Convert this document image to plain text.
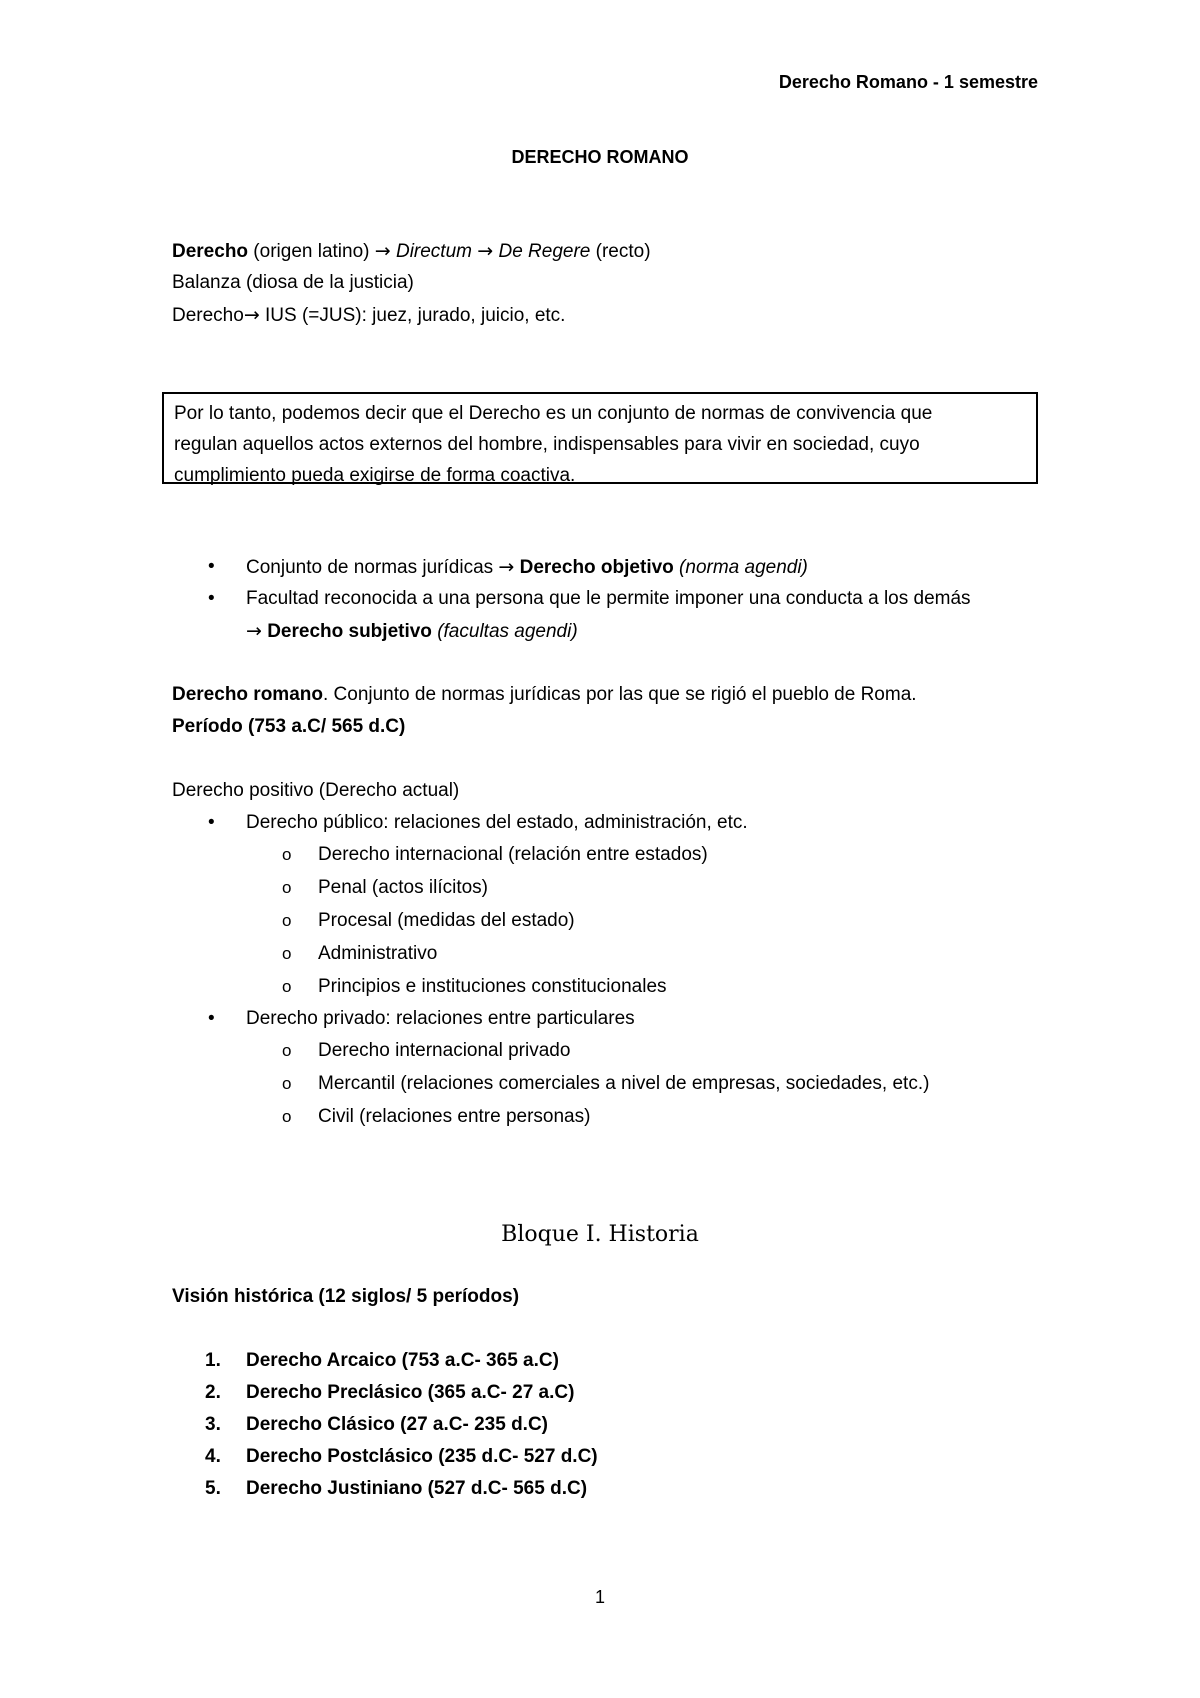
Derecho Romano - 1 semestre
DERECHO ROMANO
Derecho (origen latino) → Directum → De Regere (recto)
Balanza (diosa de la justicia)
Derecho→ IUS (=JUS): juez, jurado, juicio, etc.
Por lo tanto, podemos decir que el Derecho es un conjunto de normas de convivencia que
regulan aquellos actos externos del hombre, indispensables para vivir en sociedad, cuyo
cumplimiento pueda exigirse de forma coactiva.
• Conjunto de normas jurídicas → Derecho objetivo (norma agendi)
• Facultad reconocida a una persona que le permite imponer una conducta a los demás
→ Derecho subjetivo (facultas agendi)
Derecho romano. Conjunto de normas jurídicas por las que se rigió el pueblo de Roma.
Período (753 a.C/ 565 d.C)
Derecho positivo (Derecho actual)
• Derecho público: relaciones del estado, administración, etc.
o Derecho internacional (relación entre estados)
o Penal (actos ilícitos)
o Procesal (medidas del estado)
o Administrativo
o Principios e instituciones constitucionales
• Derecho privado: relaciones entre particulares
o Derecho internacional privado
o Mercantil (relaciones comerciales a nivel de empresas, sociedades, etc.)
o Civil (relaciones entre personas)
Bloque I. Historia
Visión histórica (12 siglos/ 5 períodos)
1. Derecho Arcaico (753 a.C- 365 a.C)
2. Derecho Preclásico (365 a.C- 27 a.C)
3. Derecho Clásico (27 a.C- 235 d.C)
4. Derecho Postclásico (235 d.C- 527 d.C)
5. Derecho Justiniano (527 d.C- 565 d.C)
1
